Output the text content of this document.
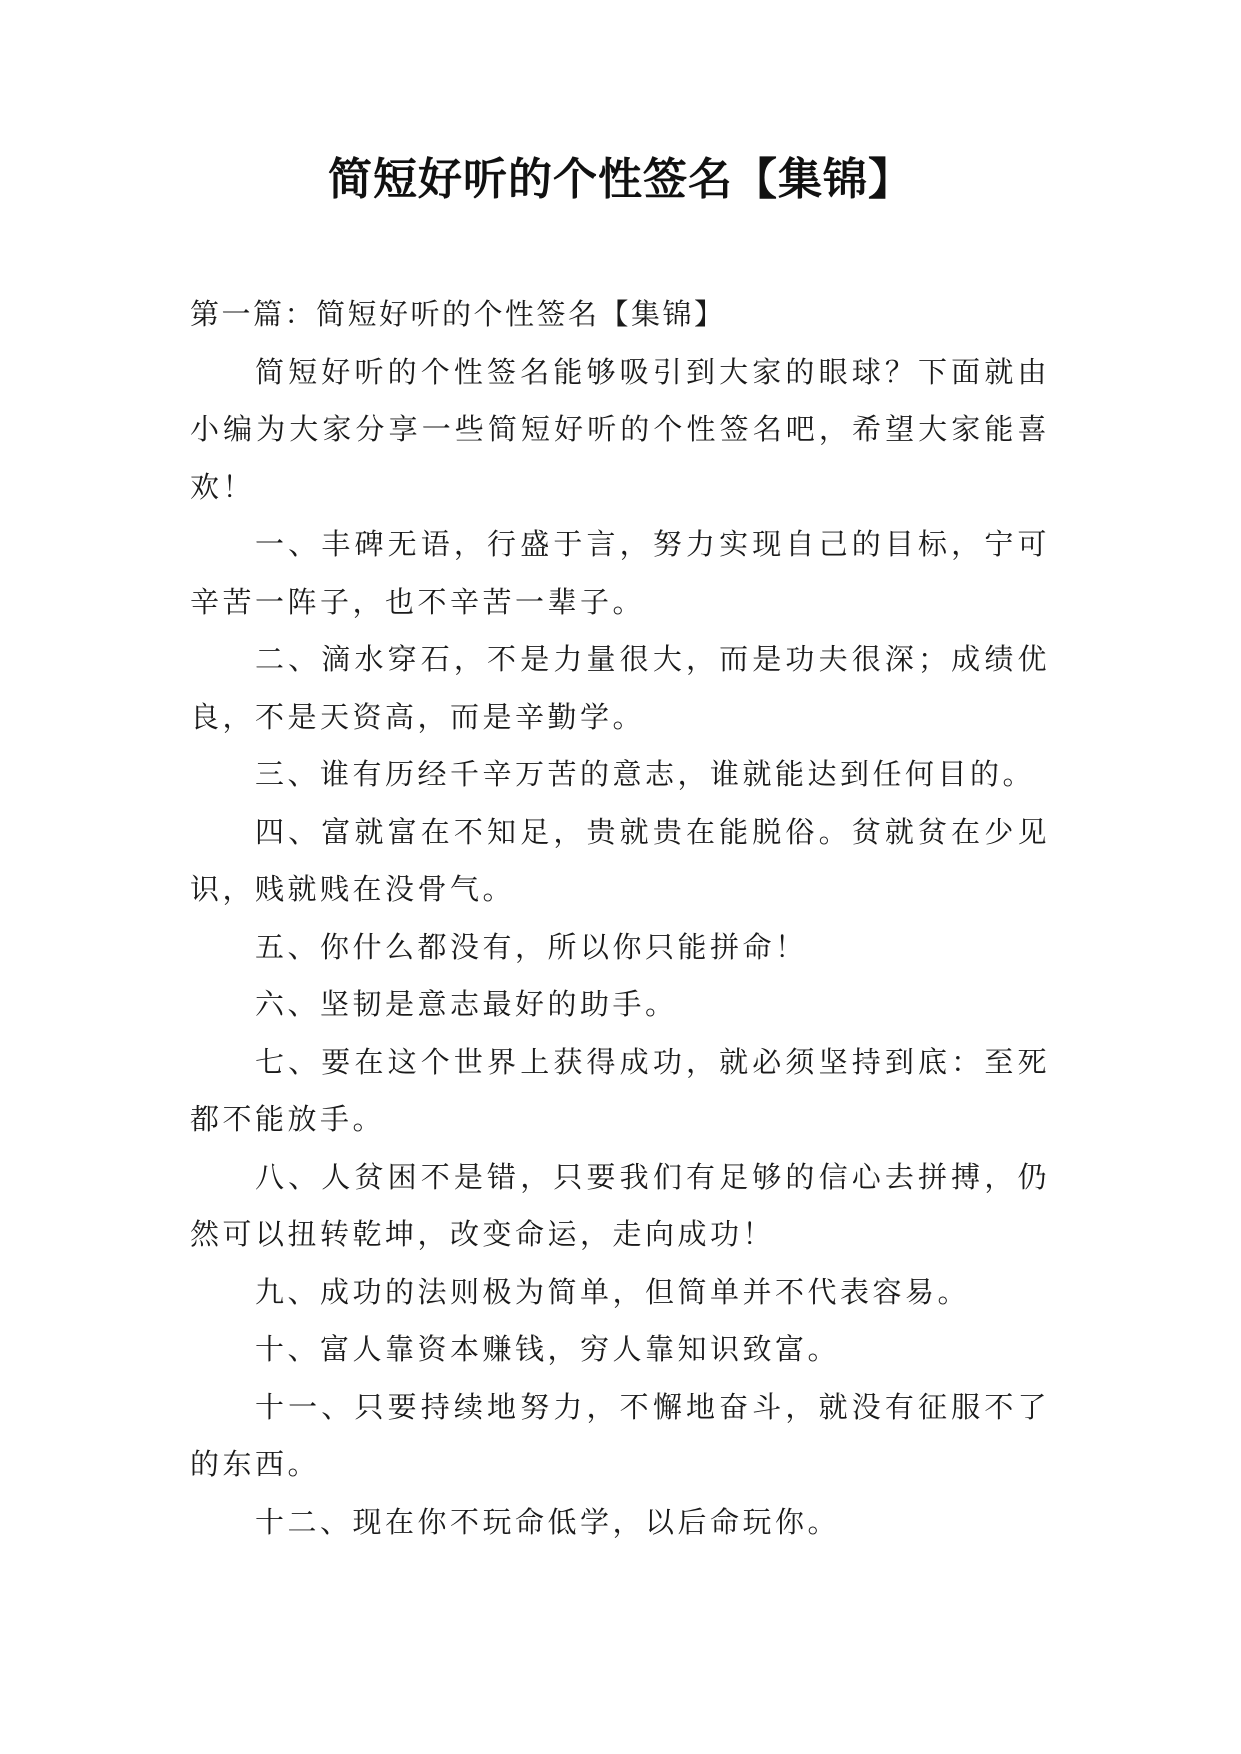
简短好听的个性签名【集锦】

第一篇：简短好听的个性签名【集锦】

简短好听的个性签名能够吸引到大家的眼球？下面就由小编为大家分享一些简短好听的个性签名吧，希望大家能喜欢！

一、丰碑无语，行盛于言，努力实现自己的目标，宁可辛苦一阵子，也不辛苦一辈子。

二、滴水穿石，不是力量很大，而是功夫很深；成绩优良，不是天资高，而是辛勤学。

三、谁有历经千辛万苦的意志，谁就能达到任何目的。

四、富就富在不知足，贵就贵在能脱俗。贫就贫在少见识，贱就贱在没骨气。

五、你什么都没有，所以你只能拼命！

六、坚韧是意志最好的助手。

七、要在这个世界上获得成功，就必须坚持到底：至死都不能放手。

八、人贫困不是错，只要我们有足够的信心去拼搏，仍然可以扭转乾坤，改变命运，走向成功！

九、成功的法则极为简单，但简单并不代表容易。

十、富人靠资本赚钱，穷人靠知识致富。

十一、只要持续地努力，不懈地奋斗，就没有征服不了的东西。

十二、现在你不玩命低学，以后命玩你。
